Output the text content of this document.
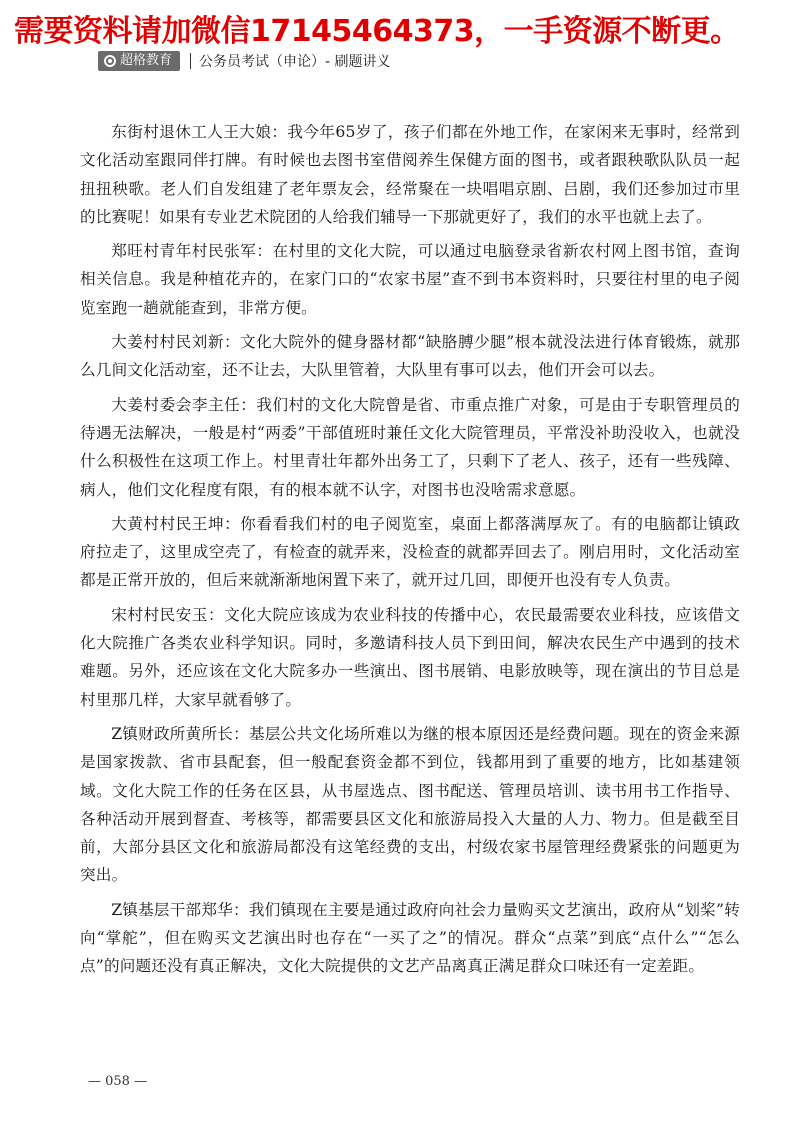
需要资料请加微信17145464373，一手资源不断更。
超格教育 公务员考试（申论）- 刷题讲义

东街村退休工人王大娘：我今年65岁了，孩子们都在外地工作，在家闲来无事时，经常到文化活动室跟同伴打牌。有时候也去图书室借阅养生保健方面的图书，或者跟秧歌队队员一起扭扭秧歌。老人们自发组建了老年票友会，经常聚在一块唱唱京剧、吕剧，我们还参加过市里的比赛呢！如果有专业艺术院团的人给我们辅导一下那就更好了，我们的水平也就上去了。

郑旺村青年村民张军：在村里的文化大院，可以通过电脑登录省新农村网上图书馆，查询相关信息。我是种植花卉的，在家门口的“农家书屋”查不到书本资料时，只要往村里的电子阅览室跑一趟就能查到，非常方便。

大姜村村民刘新：文化大院外的健身器材都“缺胳膊少腿”根本就没法进行体育锻炼，就那么几间文化活动室，还不让去，大队里管着，大队里有事可以去，他们开会可以去。

大姜村委会李主任：我们村的文化大院曾是省、市重点推广对象，可是由于专职管理员的待遇无法解决，一般是村“两委”干部值班时兼任文化大院管理员，平常没补助没收入，也就没什么积极性在这项工作上。村里青壮年都外出务工了，只剩下了老人、孩子，还有一些残障、病人，他们文化程度有限，有的根本就不认字，对图书也没啥需求意愿。

大黄村村民王坤：你看看我们村的电子阅览室，桌面上都落满厚灰了。有的电脑都让镇政府拉走了，这里成空壳了，有检查的就弄来，没检查的就都弄回去了。刚启用时，文化活动室都是正常开放的，但后来就渐渐地闲置下来了，就开过几回，即便开也没有专人负责。

宋村村民安玉：文化大院应该成为农业科技的传播中心，农民最需要农业科技，应该借文化大院推广各类农业科学知识。同时，多邀请科技人员下到田间，解决农民生产中遇到的技术难题。另外，还应该在文化大院多办一些演出、图书展销、电影放映等，现在演出的节目总是村里那几样，大家早就看够了。

Z镇财政所黄所长：基层公共文化场所难以为继的根本原因还是经费问题。现在的资金来源是国家拨款、省市县配套，但一般配套资金都不到位，钱都用到了重要的地方，比如基建领域。文化大院工作的任务在区县，从书屋选点、图书配送、管理员培训、读书用书工作指导、各种活动开展到督查、考核等，都需要县区文化和旅游局投入大量的人力、物力。但是截至目前，大部分县区文化和旅游局都没有这笔经费的支出，村级农家书屋管理经费紧张的问题更为突出。

Z镇基层干部郑华：我们镇现在主要是通过政府向社会力量购买文艺演出，政府从“划桨”转向“掌舵”，但在购买文艺演出时也存在“一买了之”的情况。群众“点菜”到底“点什么”“怎么点”的问题还没有真正解决，文化大院提供的文艺产品离真正满足群众口味还有一定差距。

— 058 —
